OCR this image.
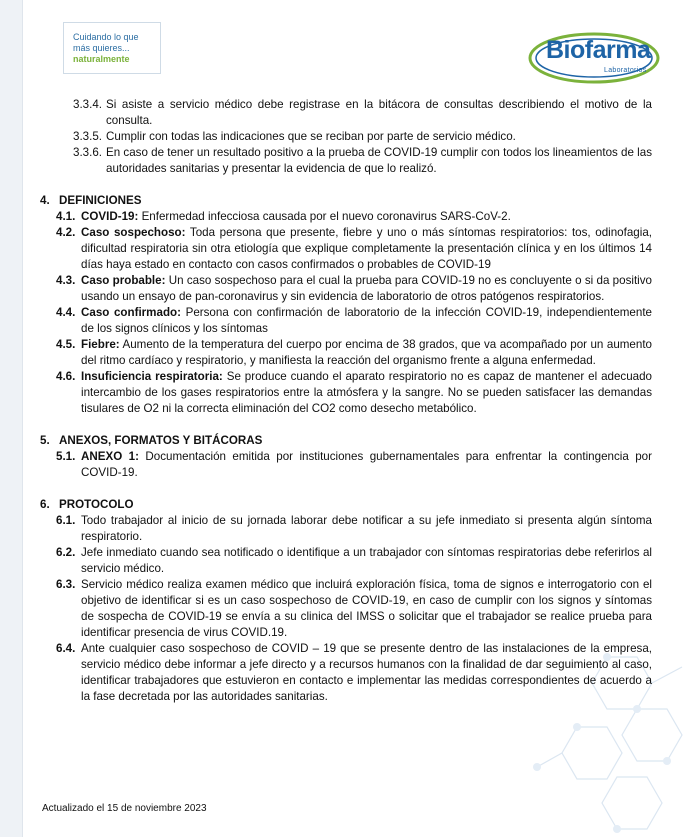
Cuidando lo que
más quieres...
naturalmente	Biofarma
Laboratorios
3.3.4. Si asiste a servicio médico debe registrase en la bitácora de consultas describiendo el motivo de la consulta.
3.3.5. Cumplir con todas las indicaciones que se reciban por parte de servicio médico.
3.3.6. En caso de tener un resultado positivo a la prueba de COVID-19 cumplir con todos los lineamientos de las autoridades sanitarias y presentar la evidencia de que lo realizó.
4. DEFINICIONES
4.1. COVID-19: Enfermedad infecciosa causada por el nuevo coronavirus SARS-CoV-2.
4.2. Caso sospechoso: Toda persona que presente, fiebre y uno o más síntomas respiratorios: tos, odinofagia, dificultad respiratoria sin otra etiología que explique completamente la presentación clínica y en los últimos 14 días haya estado en contacto con casos confirmados o probables de COVID-19
4.3. Caso probable: Un caso sospechoso para el cual la prueba para COVID-19 no es concluyente o si da positivo usando un ensayo de pan-coronavirus y sin evidencia de laboratorio de otros patógenos respiratorios.
4.4. Caso confirmado: Persona con confirmación de laboratorio de la infección COVID-19, independientemente de los signos clínicos y los síntomas
4.5. Fiebre: Aumento de la temperatura del cuerpo por encima de 38 grados, que va acompañado por un aumento del ritmo cardíaco y respiratorio, y manifiesta la reacción del organismo frente a alguna enfermedad.
4.6. Insuficiencia respiratoria: Se produce cuando el aparato respiratorio no es capaz de mantener el adecuado intercambio de los gases respiratorios entre la atmósfera y la sangre. No se pueden satisfacer las demandas tisulares de O2 ni la correcta eliminación del CO2 como desecho metabólico.
5. ANEXOS, FORMATOS Y BITÁCORAS
5.1. ANEXO 1: Documentación emitida por instituciones gubernamentales para enfrentar la contingencia por COVID-19.
6. PROTOCOLO
6.1. Todo trabajador al inicio de su jornada laborar debe notificar a su jefe inmediato si presenta algún síntoma respiratorio.
6.2. Jefe inmediato cuando sea notificado o identifique a un trabajador con síntomas respiratorias debe referirlos al servicio médico.
6.3. Servicio médico realiza examen médico que incluirá exploración física, toma de signos e interrogatorio con el objetivo de identificar si es un caso sospechoso de COVID-19, en caso de cumplir con los signos y síntomas de sospecha de COVID-19 se envía a su clinica del IMSS o solicitar que el trabajador se realice prueba para identificar presencia de virus COVID.19.
6.4. Ante cualquier caso sospechoso de COVID – 19 que se presente dentro de las instalaciones de la empresa, servicio médico debe informar a jefe directo y a recursos humanos con la finalidad de dar seguimiento al caso, identificar trabajadores que estuvieron en contacto e implementar las medidas correspondientes de acuerdo a la fase decretada por las autoridades sanitarias.
Actualizado el 15 de noviembre 2023
